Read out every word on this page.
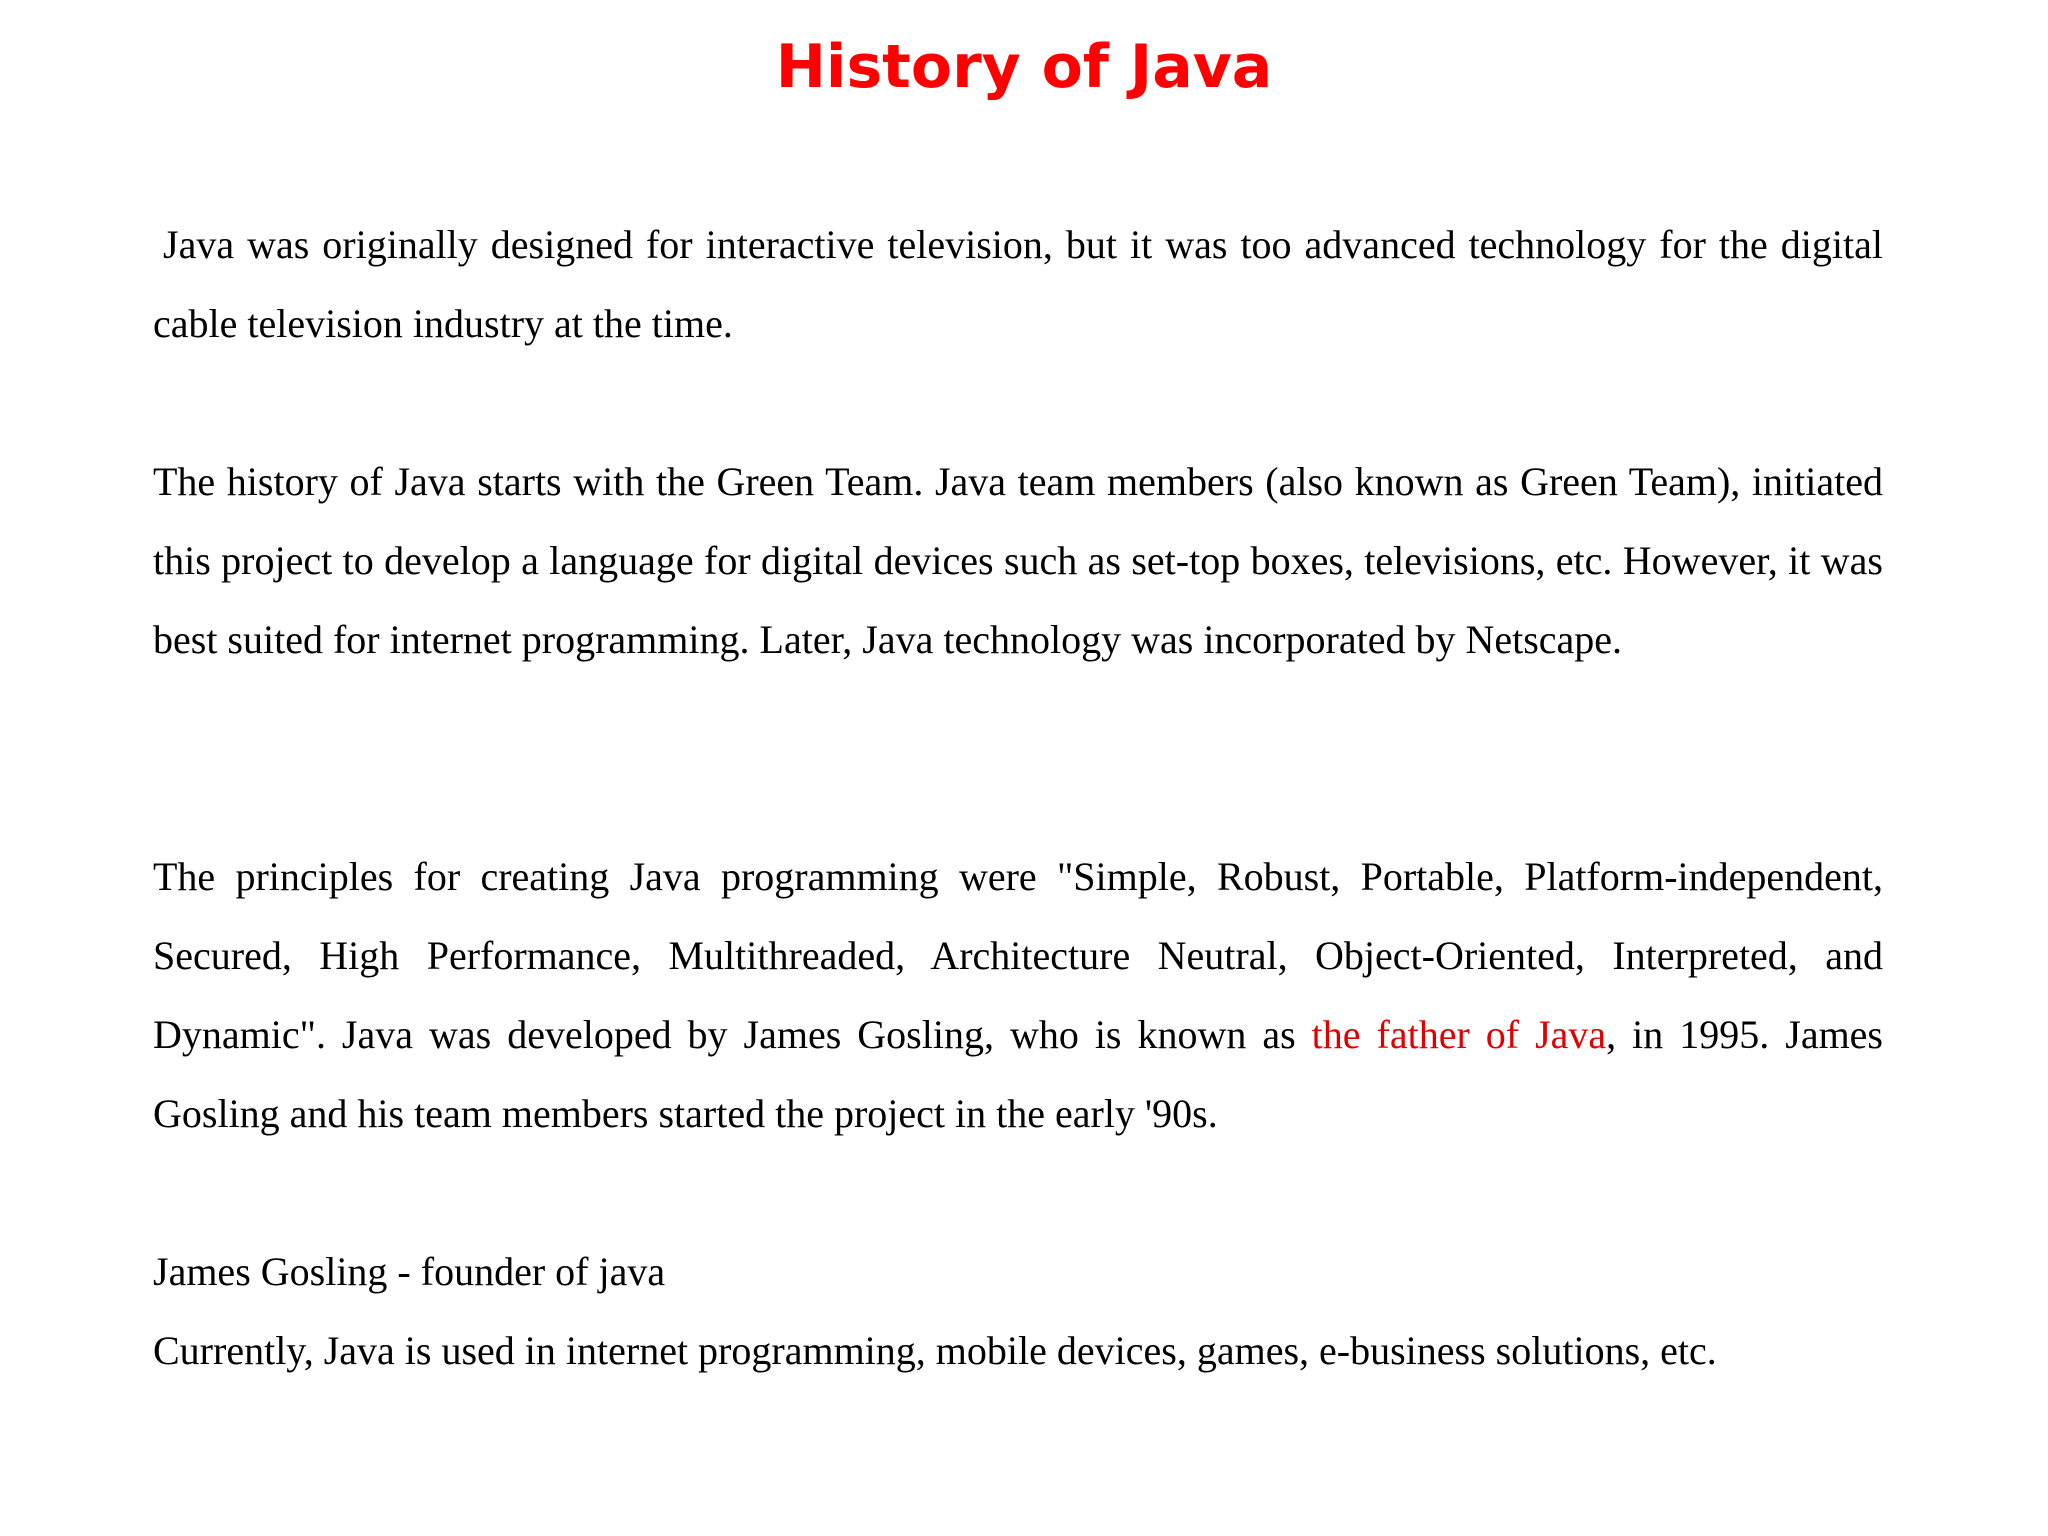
History of Java

Java was originally designed for interactive television, but it was too advanced technology for the digital cable television industry at the time.

The history of Java starts with the Green Team. Java team members (also known as Green Team), initiated this project to develop a language for digital devices such as set-top boxes, televisions, etc. However, it was best suited for internet programming. Later, Java technology was incorporated by Netscape.

The principles for creating Java programming were "Simple, Robust, Portable, Platform-independent, Secured, High Performance, Multithreaded, Architecture Neutral, Object-Oriented, Interpreted, and Dynamic". Java was developed by James Gosling, who is known as the father of Java, in 1995. James Gosling and his team members started the project in the early '90s.

James Gosling - founder of java

Currently, Java is used in internet programming, mobile devices, games, e-business solutions, etc.
